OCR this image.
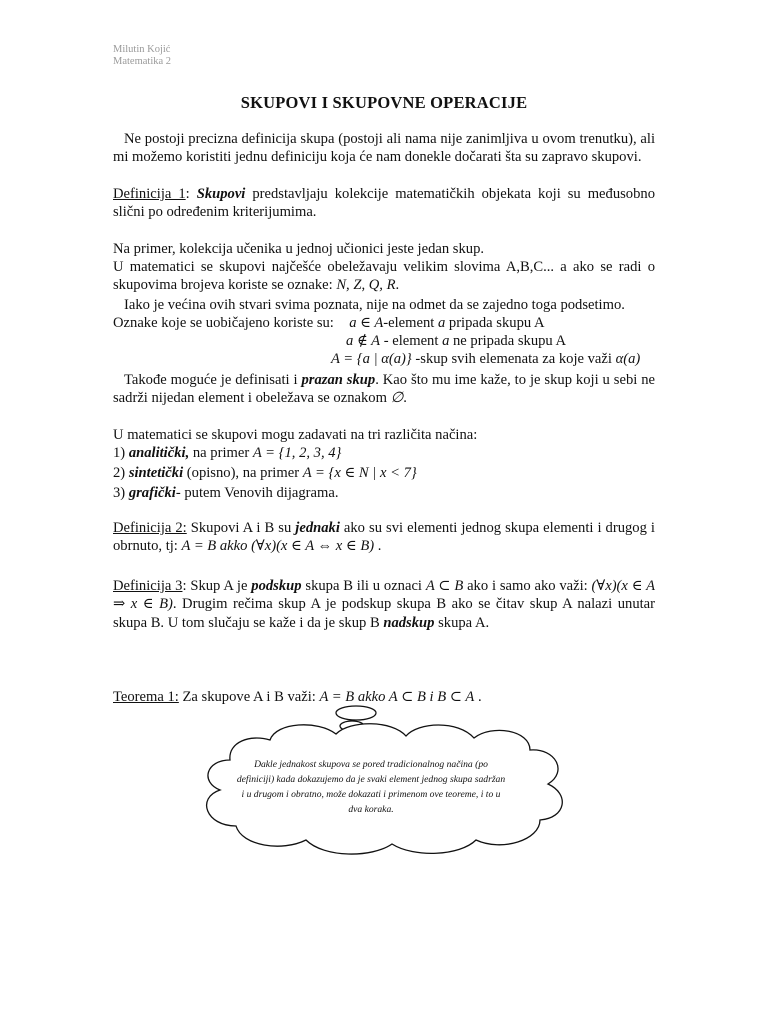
Milutin Kojić
Matematika 2
SKUPOVI I SKUPOVNE OPERACIJE
Ne postoji precizna definicija skupa (postoji ali nama nije zanimljiva u ovom trenutku), ali mi možemo koristiti jednu definiciju koja će nam donekle dočarati šta su zapravo skupovi.
Definicija 1: Skupovi predstavljaju kolekcije matematičkih objekata koji su međusobno slični po određenim kriterijumima.
Na primer, kolekcija učenika u jednoj učionici jeste jedan skup.
U matematici se skupovi najčešće obeležavaju velikim slovima A,B,C... a ako se radi o skupovima brojeva koriste se oznake: N, Z, Q, R.
Iako je većina ovih stvari svima poznata, nije na odmet da se zajedno toga podsetimo.
Oznake koje se uobičajeno koriste su: a ∈ A-element a pripada skupu A
a ∉ A - element a ne pripada skupu A
A = {a | α(a)} -skup svih elemenata za koje važi α(a)
Takođe moguće je definisati i prazan skup. Kao što mu ime kaže, to je skup koji u sebi ne sadrži nijedan element i obeležava se oznakom ∅.
U matematici se skupovi mogu zadavati na tri različita načina:
1) analitički, na primer A = {1, 2, 3, 4}
2) sintetički (opisno), na primer A = {x ∈ N | x < 7}
3) grafički- putem Venovih dijagrama.
Definicija 2: Skupovi A i B su jednaki ako su svi elementi jednog skupa elementi i drugog i obrnuto, tj: A = B akko (∀x)(x ∈ A ⇔ x ∈ B) .
Definicija 3: Skup A je podskup skupa B ili u oznaci A ⊂ B ako i samo ako važi: (∀x)(x ∈ A ⇒ x ∈ B). Drugim rečima skup A je podskup skupa B ako se čitav skup A nalazi unutar skupa B. U tom slučaju se kaže i da je skup B nadskup skupa A.
Teorema 1: Za skupove A i B važi: A = B akko A ⊂ B i B ⊂ A .
Dakle jednakost skupova se pored tradicionalnog načina (po definiciji) kada dokazujemo da je svaki element jednog skupa sadržan i u drugom i obratno, može dokazati i primenom ove teoreme, i to u dva koraka.
